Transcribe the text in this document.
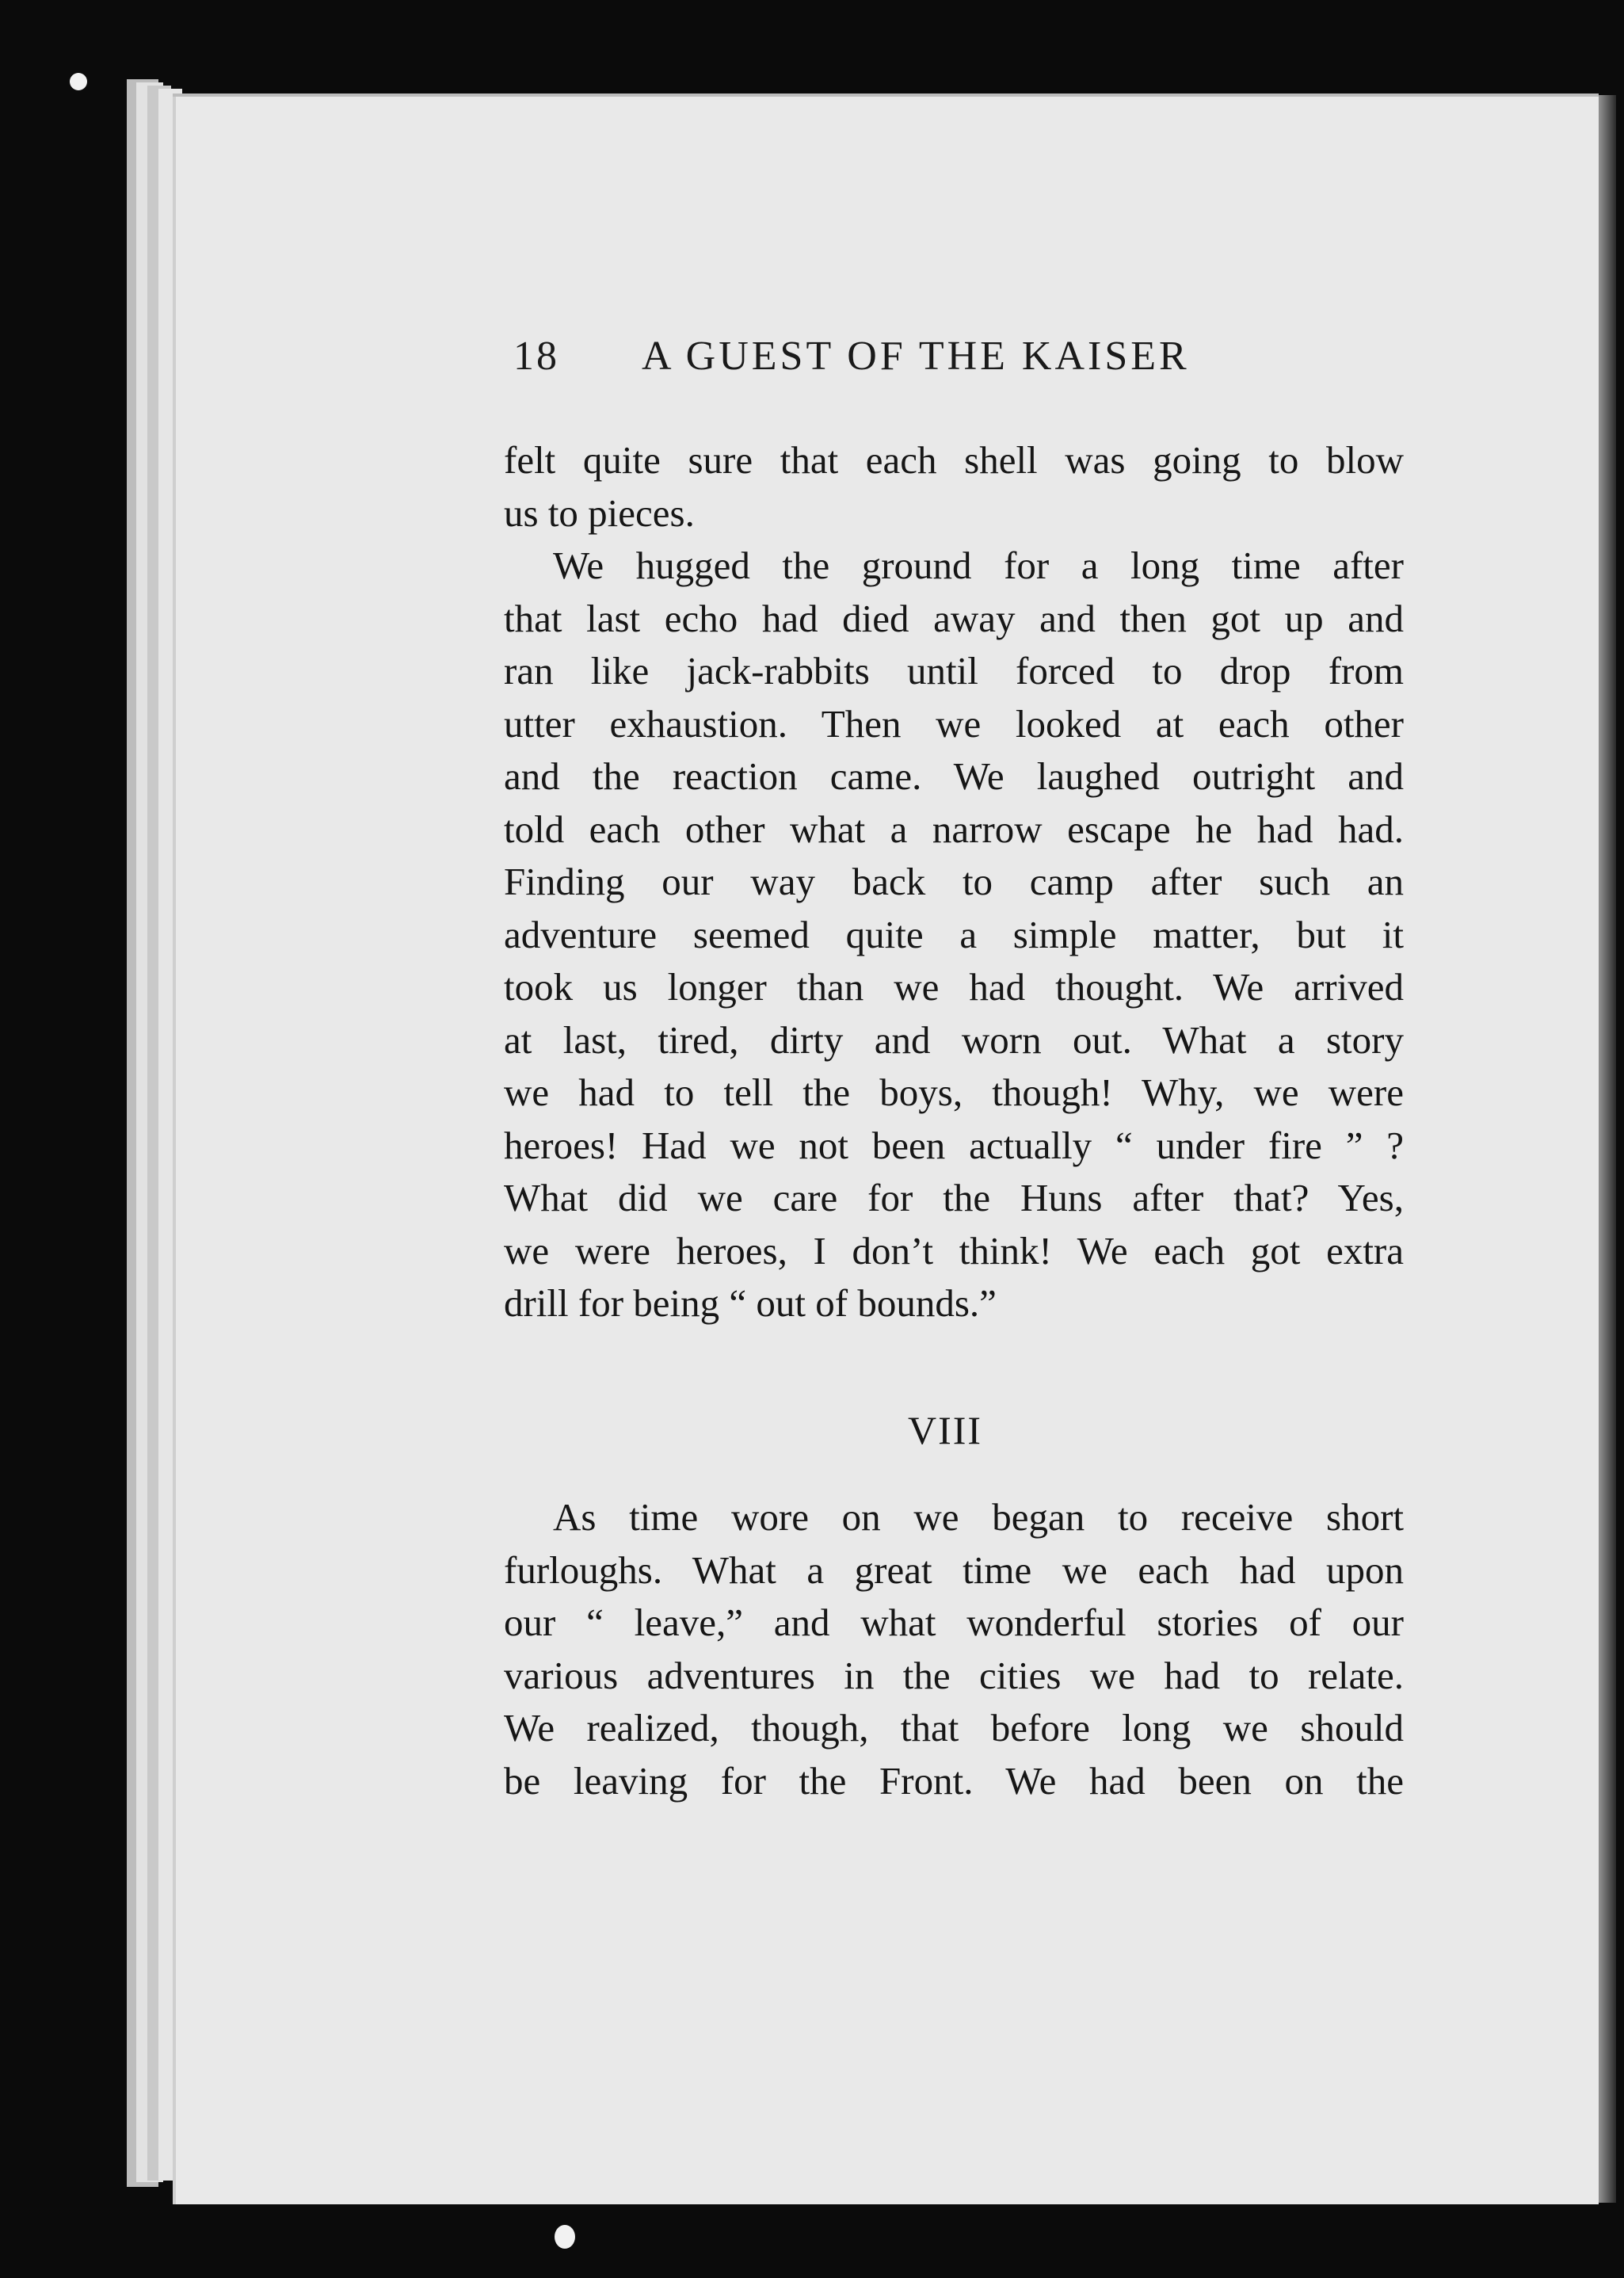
18 A GUEST OF THE KAISER
felt quite sure that each shell was going to blow
us to pieces.
We hugged the ground for a long time after
that last echo had died away and then got up and
ran like jack-rabbits until forced to drop from
utter exhaustion. Then we looked at each other
and the reaction came. We laughed outright and
told each other what a narrow escape he had had.
Finding our way back to camp after such an
adventure seemed quite a simple matter, but it
took us longer than we had thought. We arrived
at last, tired, dirty and worn out. What a story
we had to tell the boys, though! Why, we were
heroes! Had we not been actually “ under fire ” ?
What did we care for the Huns after that? Yes,
we were heroes, I don’t think! We each got extra
drill for being “ out of bounds.”
VIII
As time wore on we began to receive short
furloughs. What a great time we each had upon
our “ leave,” and what wonderful stories of our
various adventures in the cities we had to relate.
We realized, though, that before long we should
be leaving for the Front. We had been on the
